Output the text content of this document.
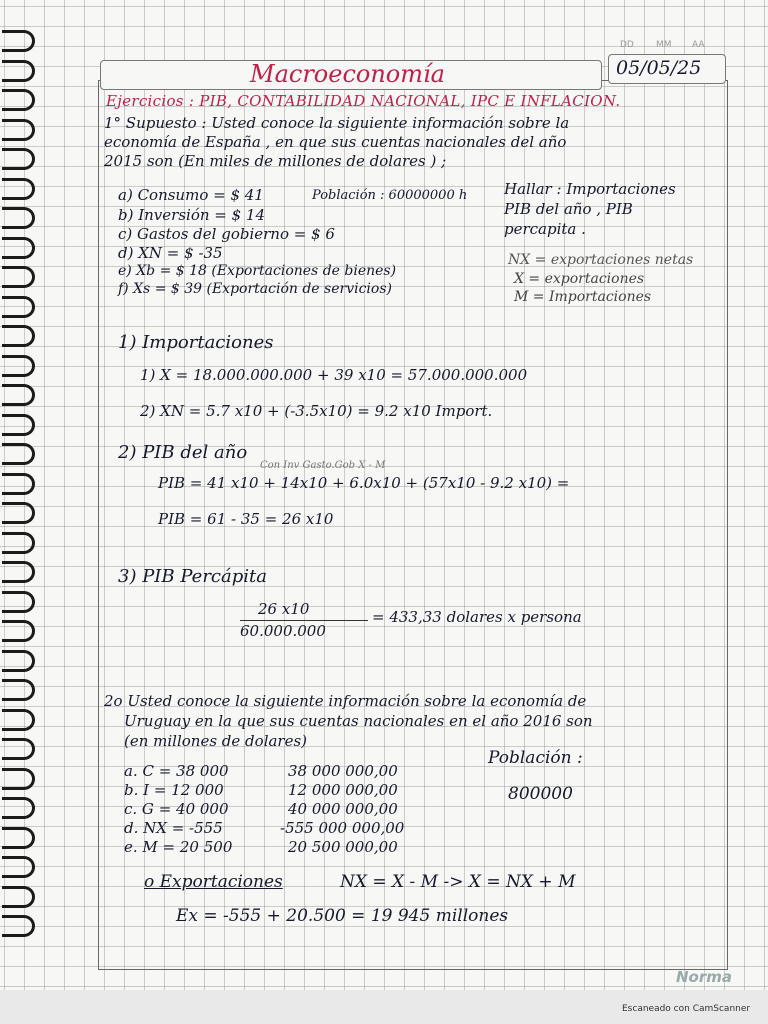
DD MM AA
Macroeconomía	05/05/25
Ejercicios : PIB, CONTABILIDAD NACIONAL, IPC E INFLACION.
1° Supuesto : Usted conoce la siguiente información sobre la
economía de España , en que sus cuentas nacionales del año
2015 son (En miles de millones de dolares ) ;
a) Consumo = $ 41
b) Inversión = $ 14
c) Gastos del gobierno = $ 6
d) XN = $ -35
e) Xb = $ 18 (Exportaciones de bienes)
f) Xs = $ 39 (Exportación de servicios)
Población : 60000000 h Hallar : Importaciones
PIB del año , PIB
percapita .
NX = exportaciones netas
X = exportaciones
M = Importaciones
1) Importaciones
1) X = 18.000.000.000 + 39 x10 = 57.000.000.000
2) XN = 5.7 x10 + (-3.5x10) = 9.2 x10 Import.
2) PIB del año
Con Inv Gasto.Gob X - M
PIB = 41 x10 + 14x10 + 6.0x10 + (57x10 - 9.2 x10) =
PIB = 61 - 35 = 26 x10
3) PIB Percápita
26 x10
60.000.000
= 433,33 dolares x persona
2o Usted conoce la siguiente información sobre la economía de
Uruguay en la que sus cuentas nacionales en el año 2016 son
(en millones de dolares)
Población :
800000
a. C = 38 000	38 000 000,00
b. I = 12 000	12 000 000,00
c. G = 40 000	40 000 000,00
d. NX = -555	-555 000 000,00
e. M = 20 500	20 500 000,00
o Exportaciones	NX = X - M -> X = NX + M
Ex = -555 + 20.500 = 19 945 millones
Norma
Escaneado con CamScanner
